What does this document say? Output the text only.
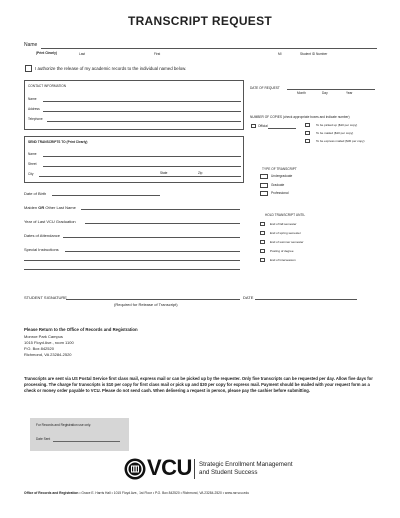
TRANSCRIPT REQUEST
Name
(Print Clearly)	Last	First	MI	Student ID Number
I authorize the release of my academic records to the individual named below.
CONTACT INFORMATION
Name
Address
Telephone
DATE OF REQUEST
Month	Day	Year
NUMBER OF COPIES (check appropriate boxes and indicate number)
Official	To be picked up ($10 per copy)
To be mailed ($10 per copy)
To be express mailed ($30 per copy)
SEND TRANSCRIPTS TO (Print Clearly)
Name
Street
City	State	Zip
TYPE OF TRANSCRIPT
Undergraduate
Graduate
Professional
Date of Birth
Maiden OR Other Last Name
Year of Last VCU Graduation
Dates of Attendance
Special Instructions
HOLD TRANSCRIPT UNTIL
End of fall semester
End of spring semester
End of summer semester
Posting of degree
End of Intersession
STUDENT SIGNATURE
(Required for Release of Transcript)
DATE
Please Return to the Office of Records and Registration
Monroe Park Campus
1015 Floyd Ave., room 1100
P.O. Box 842520
Richmond, VA 23284-2520
Transcripts are sent via US Postal Service first class mail, express mail or can be picked up by the requester. Only five transcripts can be requested per day. Allow five days for processing. The charge for transcripts is $10 per copy for first class mail or pick up and $30 per copy for express mail. Payment should be mailed with your request form as a check or money order payable to VCU. Please do not send cash. When delivering a request in person, please pay the cashier before submitting.
For Records and Registration use only.
Date Sent
VCU Strategic Enrollment Management
and Student Success
Office of Records and Registration • Grace E. Harris Hall • 1015 Floyd Ave., 1st Floor • P.O. Box 842520 • Richmond, VA 23284-2520 • www.rar.vcu.edu
